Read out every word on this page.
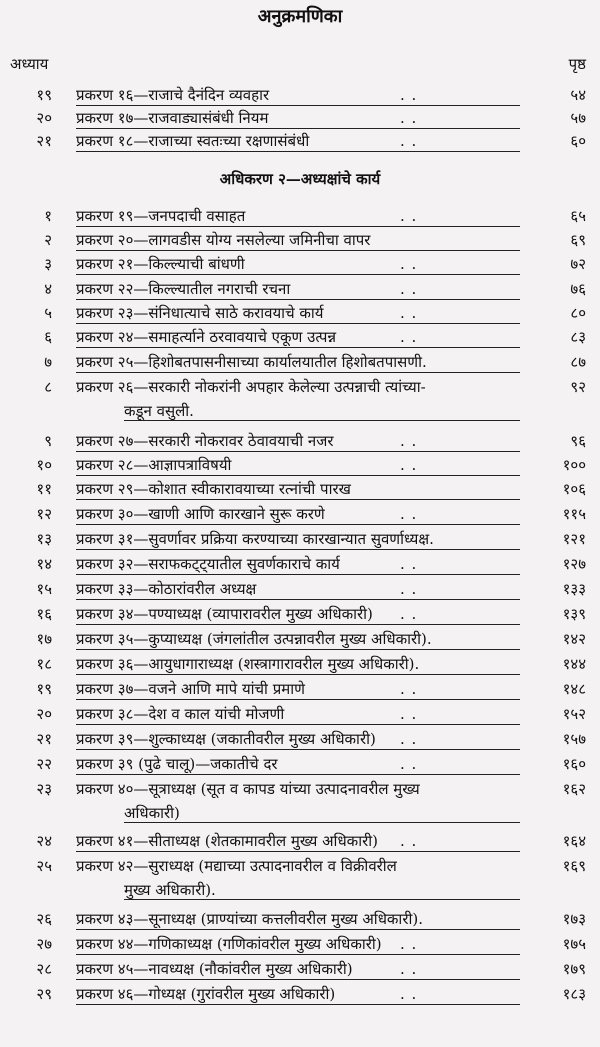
अनुक्रमणिका
अध्याय	पृष्ठ
१९ प्रकरण १६—राजाचे दैनंदिन व्यवहार	. .	५४
२० प्रकरण १७—राजवाड्यासंबंधी नियम	. .	५७
२१ प्रकरण १८—राजाच्या स्वतःच्या रक्षणासंबंधी	. .	६०
अधिकरण २—अध्यक्षांचे कार्य
१ प्रकरण १९—जनपदाची वसाहत	. .	६५
२ प्रकरण २०—लागवडीस योग्य नसलेल्या जमिनीचा वापर	६९
३ प्रकरण २१—किल्ल्याची बांधणी	. .	७२
४ प्रकरण २२—किल्ल्यातील नगराची रचना	. .	७६
५ प्रकरण २३—संनिधात्याचे साठे करावयाचे कार्य	. .	८०
६ प्रकरण २४—समाहर्त्याने ठरवावयाचे एकूण उत्पन्न	. .	८३
७ प्रकरण २५—हिशोबतपासनीसाच्या कार्यालयातील हिशोबतपासणी.	८७
८ प्रकरण २६—सरकारी नोकरांनी अपहार केलेल्या उत्पन्नाची त्यांच्या-
कडून वसुली.
९२
९ प्रकरण २७—सरकारी नोकरावर ठेवावयाची नजर	. .	९६
१० प्रकरण २८—आज्ञापत्राविषयी	. .	१००
११ प्रकरण २९—कोशात स्वीकारावयाच्या रत्नांची पारख	१०६
१२ प्रकरण ३०—खाणी आणि कारखाने सुरू करणे	. .	११५
१३ प्रकरण ३१—सुवर्णावर प्रक्रिया करण्याच्या कारखान्यात सुवर्णाध्यक्ष.	१२१
१४ प्रकरण ३२—सराफकट्ट्यातील सुवर्णकाराचे कार्य	. .	१२७
१५ प्रकरण ३३—कोठारांवरील अध्यक्ष	. .	१३३
१६ प्रकरण ३४—पण्याध्यक्ष (व्यापारावरील मुख्य अधिकारी)	. .	१३९
१७ प्रकरण ३५—कुप्याध्यक्ष (जंगलांतील उत्पन्नावरील मुख्य अधिकारी).	१४२
१८ प्रकरण ३६—आयुधागाराध्यक्ष (शस्त्रागारावरील मुख्य अधिकारी).	१४४
१९ प्रकरण ३७—वजने आणि मापे यांची प्रमाणे	. .	१४८
२० प्रकरण ३८—देश व काल यांची मोजणी	. .	१५२
२१ प्रकरण ३९—शुल्काध्यक्ष (जकातीवरील मुख्य अधिकारी)	. .	१५७
२२ प्रकरण ३९ (पुढे चालू)—जकातीचे दर	. .	१६०
२३ प्रकरण ४०—सूत्राध्यक्ष (सूत व कापड यांच्या उत्पादनावरील मुख्य
अधिकारी)
१६२
२४ प्रकरण ४१—सीताध्यक्ष (शेतकामावरील मुख्य अधिकारी)	. .	१६४
२५ प्रकरण ४२—सुराध्यक्ष (मद्याच्या उत्पादनावरील व विक्रीवरील
मुख्य अधिकारी).
१६९
२६ प्रकरण ४३—सूनाध्यक्ष (प्राण्यांच्या कत्तलीवरील मुख्य अधिकारी).	१७३
२७ प्रकरण ४४—गणिकाध्यक्ष (गणिकांवरील मुख्य अधिकारी)	. .	१७५
२८ प्रकरण ४५—नावध्यक्ष (नौकांवरील मुख्य अधिकारी)	. .	१७९
२९ प्रकरण ४६—गोध्यक्ष (गुरांवरील मुख्य अधिकारी)	. .	१८३
